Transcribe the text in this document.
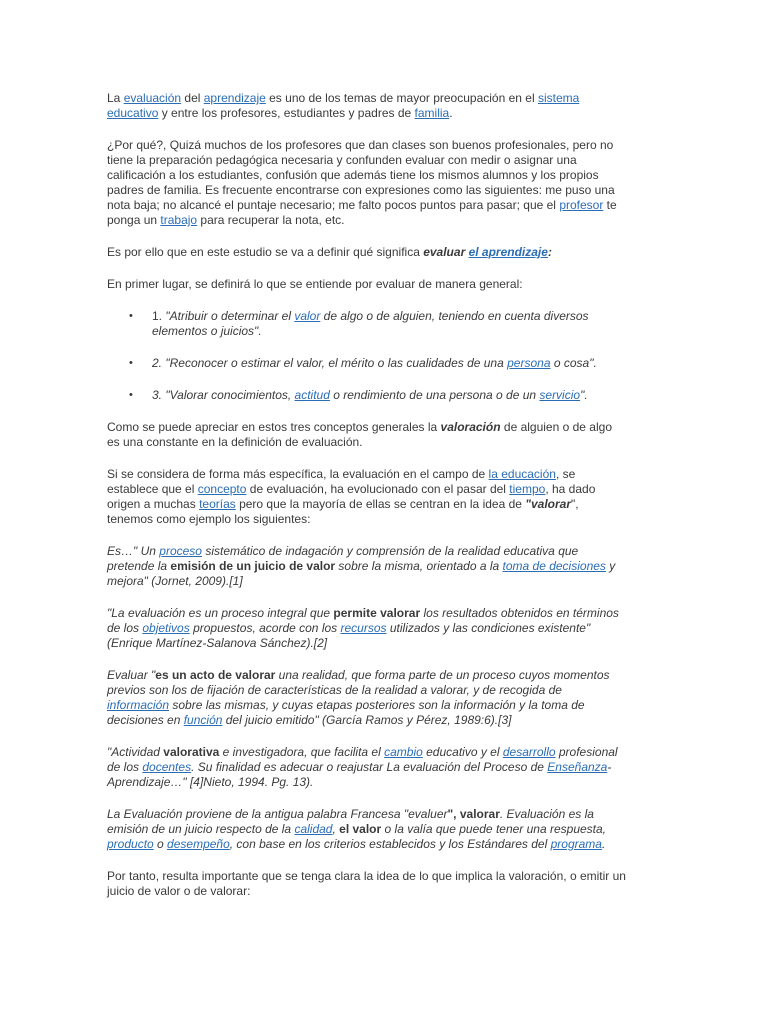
La evaluación del aprendizaje es uno de los temas de mayor preocupación en el sistema educativo y entre los profesores, estudiantes y padres de familia.

¿Por qué?, Quizá muchos de los profesores que dan clases son buenos profesionales, pero no tiene la preparación pedagógica necesaria y confunden evaluar con medir o asignar una calificación a los estudiantes, confusión que además tiene los mismos alumnos y los propios padres de familia. Es frecuente encontrarse con expresiones como las siguientes: me puso una nota baja; no alcancé el puntaje necesario; me falto pocos puntos para pasar; que el profesor te ponga un trabajo para recuperar la nota, etc.

Es por ello que en este estudio se va a definir qué significa evaluar el aprendizaje:

En primer lugar, se definirá lo que se entiende por evaluar de manera general:

• 1. "Atribuir o determinar el valor de algo o de alguien, teniendo en cuenta diversos elementos o juicios".
• 2. "Reconocer o estimar el valor, el mérito o las cualidades de una persona o cosa".
• 3. "Valorar conocimientos, actitud o rendimiento de una persona o de un servicio".

Como se puede apreciar en estos tres conceptos generales la valoración de alguien o de algo es una constante en la definición de evaluación.

Si se considera de forma más específica, la evaluación en el campo de la educación, se establece que el concepto de evaluación, ha evolucionado con el pasar del tiempo, ha dado origen a muchas teorías pero que la mayoría de ellas se centran en la idea de "valorar", tenemos como ejemplo los siguientes:

Es…" Un proceso sistemático de indagación y comprensión de la realidad educativa que pretende la emisión de un juicio de valor sobre la misma, orientado a la toma de decisiones y mejora" (Jornet, 2009).[1]

"La evaluación es un proceso integral que permite valorar los resultados obtenidos en términos de los objetivos propuestos, acorde con los recursos utilizados y las condiciones existente" (Enrique Martínez-Salanova Sánchez).[2]

Evaluar "es un acto de valorar una realidad, que forma parte de un proceso cuyos momentos previos son los de fijación de características de la realidad a valorar, y de recogida de información sobre las mismas, y cuyas etapas posteriores son la información y la toma de decisiones en función del juicio emitido" (García Ramos y Pérez, 1989:6).[3]

"Actividad valorativa e investigadora, que facilita el cambio educativo y el desarrollo profesional de los docentes. Su finalidad es adecuar o reajustar La evaluación del Proceso de Enseñanza-Aprendizaje…" [4]Nieto, 1994. Pg. 13).

La Evaluación proviene de la antigua palabra Francesa "evaluer", valorar. Evaluación es la emisión de un juicio respecto de la calidad, el valor o la valía que puede tener una respuesta, producto o desempeño, con base en los criterios establecidos y los Estándares del programa.

Por tanto, resulta importante que se tenga clara la idea de lo que implica la valoración, o emitir un juicio de valor o de valorar:
